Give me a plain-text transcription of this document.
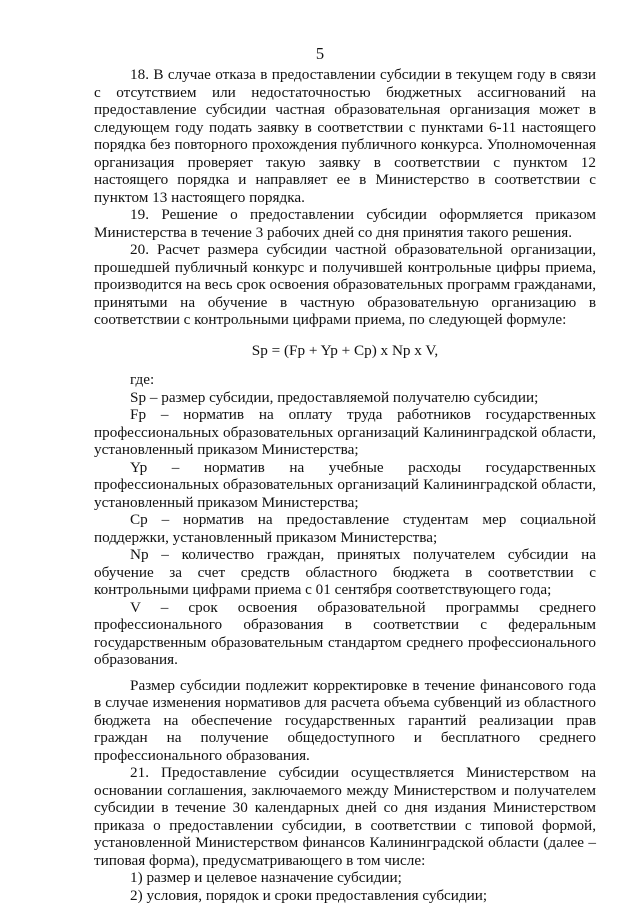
5

18. В случае отказа в предоставлении субсидии в текущем году в связи с отсутствием или недостаточностью бюджетных ассигнований на предоставление субсидии частная образовательная организация может в следующем году подать заявку в соответствии с пунктами 6-11 настоящего порядка без повторного прохождения публичного конкурса. Уполномоченная организация проверяет такую заявку в соответствии с пунктом 12 настоящего порядка и направляет ее в Министерство в соответствии с пунктом 13 настоящего порядка.

19. Решение о предоставлении субсидии оформляется приказом Министерства в течение 3 рабочих дней со дня принятия такого решения.

20. Расчет размера субсидии частной образовательной организации, прошедшей публичный конкурс и получившей контрольные цифры приема, производится на весь срок освоения образовательных программ гражданами, принятыми на обучение в частную образовательную организацию в соответствии с контрольными цифрами приема, по следующей формуле:

Sp = (Fp + Yp + Cp) x Np x V,

где:

Sp – размер субсидии, предоставляемой получателю субсидии;

Fp – норматив на оплату труда работников государственных профессиональных образовательных организаций Калининградской области, установленный приказом Министерства;

Yp – норматив на учебные расходы государственных профессиональных образовательных организаций Калининградской области, установленный приказом Министерства;

Cp – норматив на предоставление студентам мер социальной поддержки, установленный приказом Министерства;

Np – количество граждан, принятых получателем субсидии на обучение за счет средств областного бюджета в соответствии с контрольными цифрами приема с 01 сентября соответствующего года;

V – срок освоения образовательной программы среднего профессионального образования в соответствии с федеральным государственным образовательным стандартом среднего профессионального образования.

Размер субсидии подлежит корректировке в течение финансового года в случае изменения нормативов для расчета объема субвенций из областного бюджета на обеспечение государственных гарантий реализации прав граждан на получение общедоступного и бесплатного среднего профессионального образования.

21. Предоставление субсидии осуществляется Министерством на основании соглашения, заключаемого между Министерством и получателем субсидии в течение 30 календарных дней со дня издания Министерством приказа о предоставлении субсидии, в соответствии с типовой формой, установленной Министерством финансов Калининградской области (далее – типовая форма), предусматривающего в том числе:

1) размер и целевое назначение субсидии;

2) условия, порядок и сроки предоставления субсидии;
